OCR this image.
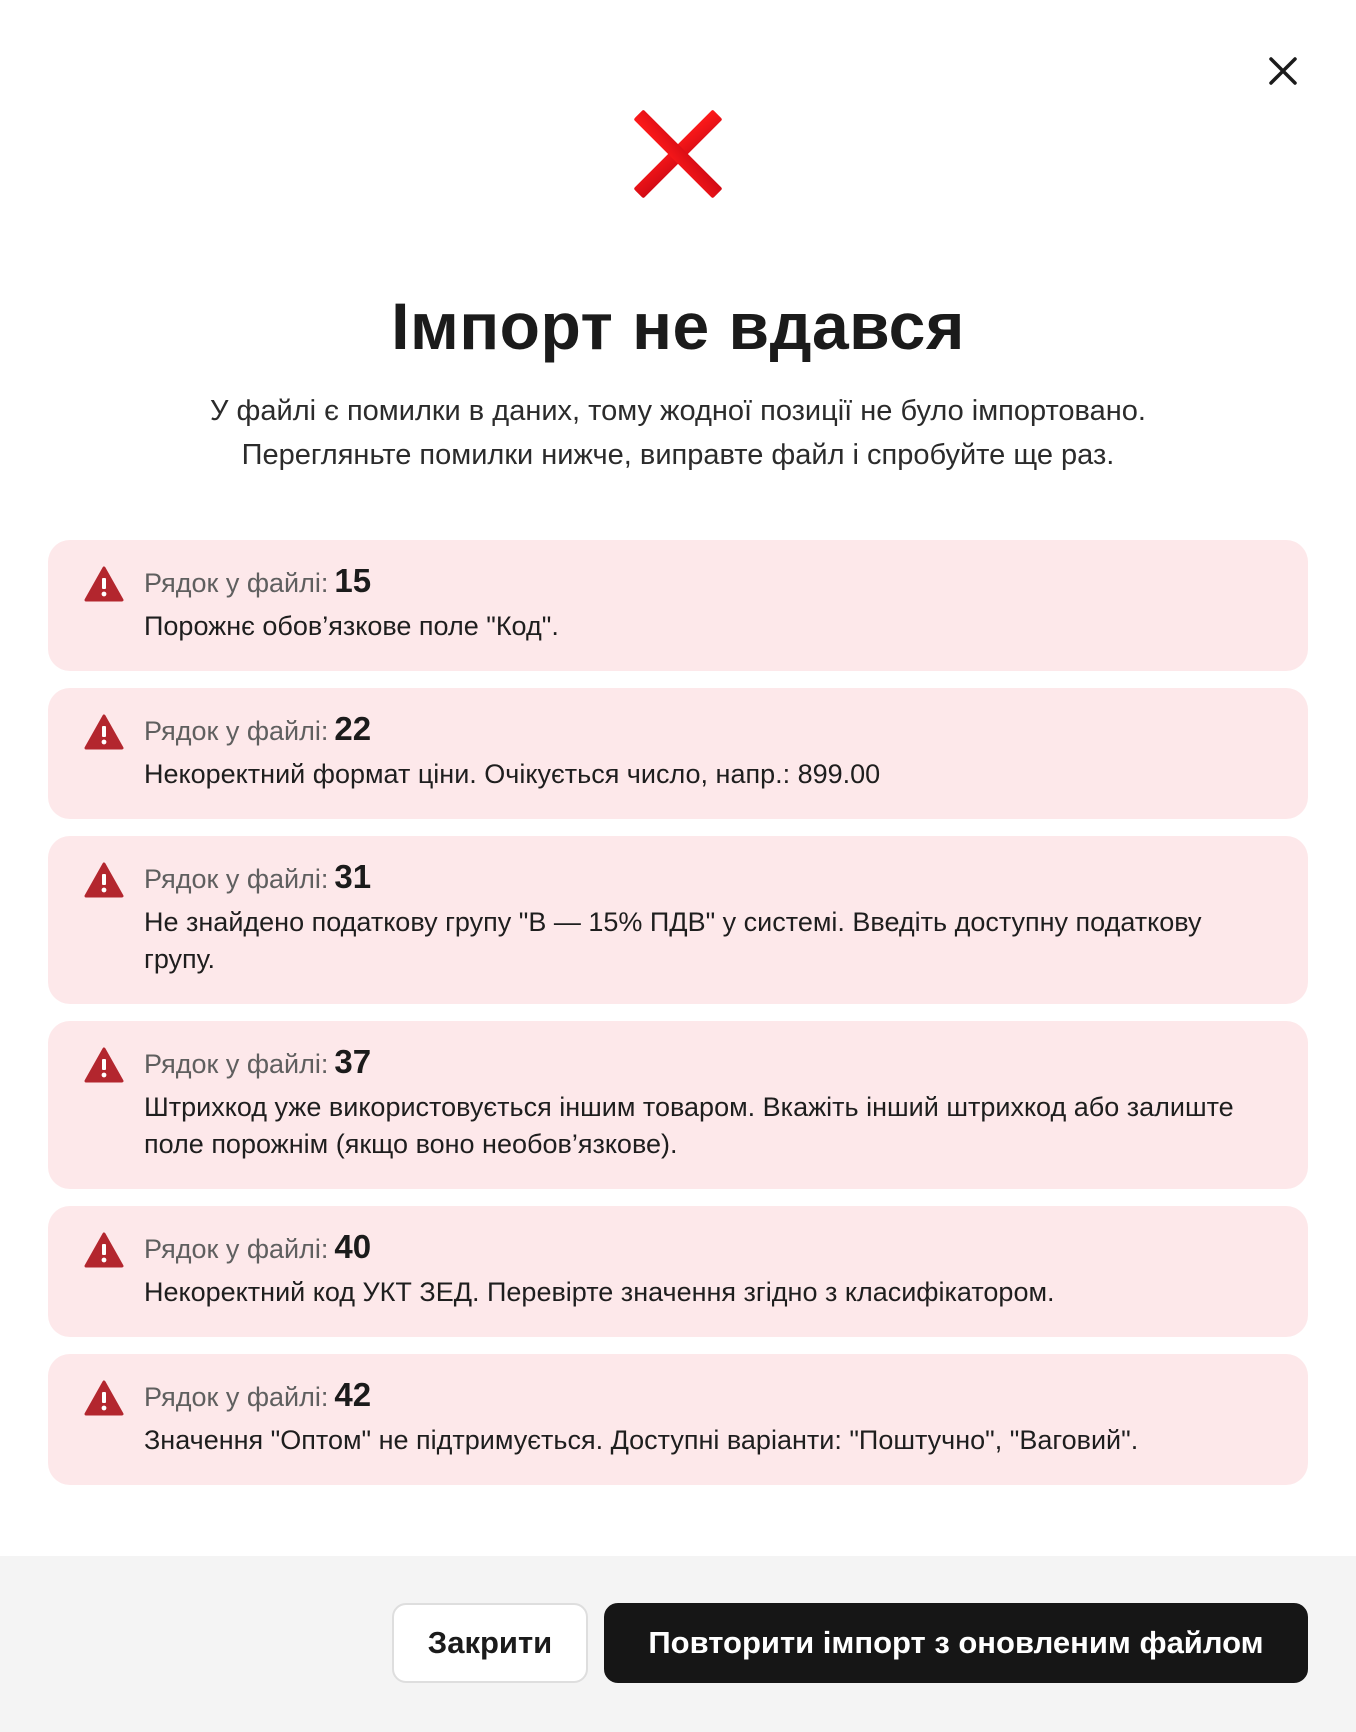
Імпорт не вдався
У файлі є помилки в даних, тому жодної позиції не було імпортовано.
Перегляньте помилки нижче, виправте файл і спробуйте ще раз.
Рядок у файлі: 15
Порожнє обов’язкове поле "Код".
Рядок у файлі: 22
Некоректний формат ціни. Очікується число, напр.: 899.00
Рядок у файлі: 31
Не знайдено податкову групу "В — 15% ПДВ" у системі. Введіть доступну податкову групу.
Рядок у файлі: 37
Штрихкод уже використовується іншим товаром. Вкажіть інший штрихкод або залиште поле порожнім (якщо воно необов’язкове).
Рядок у файлі: 40
Некоректний код УКТ ЗЕД. Перевірте значення згідно з класифікатором.
Рядок у файлі: 42
Значення "Оптом" не підтримується. Доступні варіанти: "Поштучно", "Ваговий".
Закрити	Повторити імпорт з оновленим файлом
